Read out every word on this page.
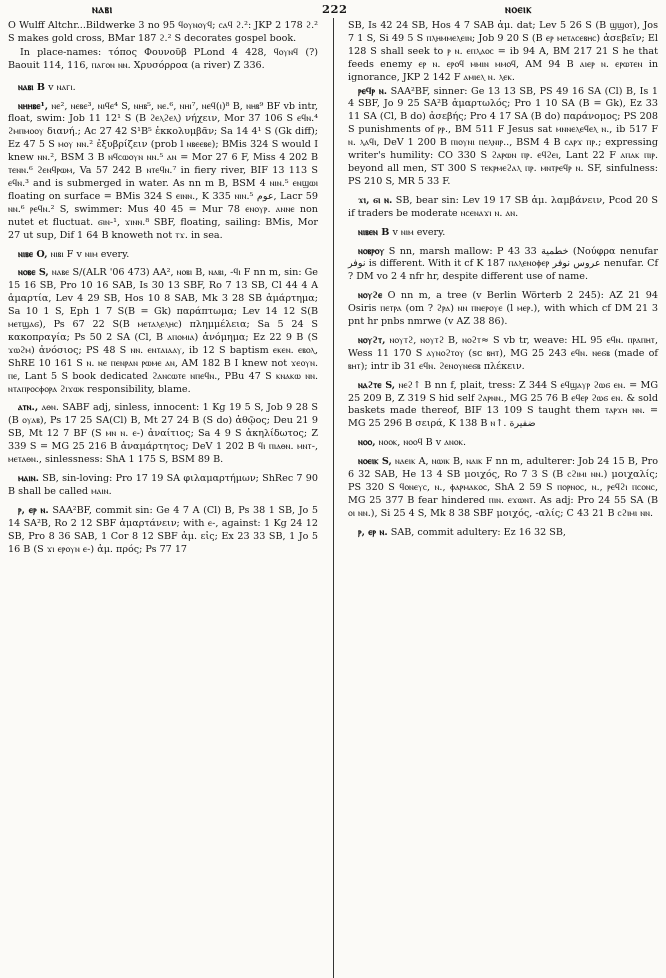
ⲛⲁⲃⲓ	222	ⲛⲟⲉⲓⲕ

O Wulff Altchr...Bildwerke 3 no 95 ϥⲟⲩⲛⲟⲩϥ; ⲥⲁϥ ϩ.²: JKP 2 178 ϩ.² S makes gold cross, BMar 187 ϩ.² S decorates gospel book.

In place-names: τόπος Φουνοῦβ PLond 4 428, ϥⲟⲩⲛϥ (?) Baouit 114, 116, ⲡⲁⲅⲟⲛ ⲛⲛ. Χρυσόρροα (a river) Z 336.

ⲛⲁⲃⲓ B v ⲛⲁⲅⲓ.

ⲛⲏⲏⲃⲉ¹, ⲛⲉ², ⲛⲉⲃⲉ³, ⲛⲓϥⲉ⁴ S, ⲛⲏⲃ⁵, ⲛⲉ.⁶, ⲛⲏⲓ⁷, ⲛⲉϥ(ⲓ)⁸ B, ⲛⲏⲃ⁹ BF vb intr, float, swim: Job 11 12¹ S (B ϩⲉⲗϩⲉⲗ) νήχειν, Mor 37 106 S ⲉϥⲛ.⁴ ϩⲙⲡⲙⲟⲟⲩ διανή.; Ac 27 42 S¹B⁵ ἐκκολυμβᾶν; Sa 14 4¹ S (Gk diff); Ez 47 5 S ⲙⲟⲩ ⲛⲛ.² ἐξυβρίζειν (prob l ⲛⲃⲉⲉⲃⲉ); BMis 324 S would I knew ⲛⲛ.², BSM 3 B ⲛϥⲥⲱⲟⲩⲛ ⲛⲛ.⁵ ⲁⲛ = Mor 27 6 F, Miss 4 202 B ⲧⲉⲛⲛ.⁶ ϩⲉⲛϥⲣⲱⲙ, Va 57 242 B ⲛⲧⲉϥⲛ.⁷ in fiery river, BIF 13 113 S ⲉϥⲛ.³ and is submerged in water. As nn m B, BSM 4 ⲛⲓⲛ.⁵ ⲉⲛϣⲱⲓ floating on surface = BMis 324 S ⲉⲓⲛⲛ., K 335 ⲛⲓⲛ.⁵ ﻋﻮﻡ, Lacr 59 ⲛⲛ.⁶ ⲣⲉϥⲛ.² S, swimmer: Mus 40 45 = Mur 78 ⲉⲛⲟⲩⲣ. ⲁⲛⲛⲉ non nutet et fluctuat. ϭⲓⲛ-¹, ϫⲓⲛⲛ.⁸ SBF, floating, sailing: BMis, Mor 27 ut sup, Dif 1 64 B knoweth not ⲧϫ. in sea.

ⲛⲓⲃⲉ O, ⲛⲓⲃⲓ F v ⲛⲓⲙ every.

ⲛⲟⲃⲉ S, ⲛⲁⲃⲉ S/(ALR '06 473) AA², ⲛⲟⲃⲓ B, ⲛⲁⲃⲓ, -ϥⲓ F nn m, sin: Ge 15 16 SB, Pro 10 16 SAB, Is 30 13 SBF, Ro 7 13 SB, Cl 44 4 A ἁμαρτία, Lev 4 29 SB, Hos 10 8 SAB, Mk 3 28 SB ἁμάρτημα; Sa 10 1 S, Eph 1 7 S(B = Gk) παράπτωμα; Lev 14 12 S(B ⲙⲉⲧϣⲁϭ), Ps 67 22 S(B ⲙⲉⲧⲁⲗⲉⲗⲏⲥ) πλημμέλεια; Sa 5 24 S κακοπραγία; Ps 50 2 SA (Cl, B ⲁⲡⲟⲙⲓⲁ) ἀνόμημα; Ez 22 9 B (S ϫⲱϩⲙ) ἀνόσιος; PS 48 S ⲛⲛ. ⲉⲛⲧⲁⲓⲁⲁⲩ, ib 12 S baptism ⲉⲕⲉⲛ. ⲉⲃⲟⲗ, ShRE 10 161 S ⲛ. ⲛⲉ ⲡⲉⲛⲣⲁⲛ ⲣⲱⲙⲉ ⲁⲛ, AM 182 B I knew not ϫⲉⲟⲩⲛ. ⲡⲉ, Lant 5 S book dedicated ϩⲁⲛⲥⲱⲧⲉ ⲛⲡⲉϥⲛ., PBu 47 S ⲕⲛⲁⲕⲱ ⲛⲛ. ⲛⲧⲁⲡⲣⲟⲥⲫⲟⲣⲁ ϩⲓϫⲱⲕ responsibility, blame.

ⲁⲧⲛ., ⲁⲑⲛ. SABF adj, sinless, innocent: 1 Kg 19 5 S, Job 9 28 S (B ⲟⲩⲁⲃ), Ps 17 25 SA(Cl) B, Mt 27 24 B (S do) ἀθῷος; Deu 21 9 SB, Mt 12 7 BF (S ⲙⲛ ⲛ. ⲉ-) ἀναίτιος; Sa 4 9 S ἀκηλίδωτος; Z 339 S = MG 25 216 B ἀναμάρτητος; DeV 1 202 B ϥⲓ ⲡⲓⲁⲑⲛ. ⲙⲛⲧ-, ⲙⲉⲧⲁⲑⲛ., sinlessness: ShA 1 175 S, BSM 89 B.

ⲙⲁⲓⲛ. SB, sin-loving: Pro 17 19 SA φιλαμαρτήμων; ShRec 7 90 B shall be called ⲙⲁⲓⲛ.

ⲣ, ⲉⲣ ⲛ. SAA²BF, commit sin: Ge 4 7 A (Cl) B, Ps 38 1 SB, Jo 5 14 SA²B, Ro 2 12 SBF ἁμαρτάνειν; with ⲉ-, against: 1 Kg 24 12 SB, Pro 8 36 SAB, 1 Cor 8 12 SBF ἁμ. εἰς; Ex 23 33 SB, 1 Jo 5 16 B (S ϫⲓ ⲉⲣⲟⲩⲛ ⲉ-) ἁμ. πρός; Ps 77 17

SB, Is 42 24 SB, Hos 4 7 SAB ἁμ. dat; Lev 5 26 S (B ϣϣⲟⲧ), Jos 7 1 S, Si 49 5 S ⲡⲗⲏⲙⲙⲉⲗⲉⲓⲛ; Job 9 20 S (B ⲉⲣ ⲙⲉⲧⲁⲥⲉⲃⲏⲥ) ἀσεβεῖν; El 128 S shall seek to ⲣ ⲛ. ⲉⲡⲗⲁⲟⲥ = ib 94 A, BM 217 21 S he that feeds enemy ⲉⲣ ⲛ. ⲉⲣⲟϥ ⲙⲙⲓⲛ ⲙⲙⲟϥ, AM 94 B ⲁⲓⲉⲣ ⲛ. ⲉⲣⲱⲧⲉⲛ in ignorance, JKP 2 142 F ⲁⲙⲓⲉⲗ ⲛ. ⲗⲉⲕ.

ⲣⲉϥⲣ ⲛ. SAA²BF, sinner: Ge 13 13 SB, PS 49 16 SA (Cl) B, Is 1 4 SBF, Jo 9 25 SA²B ἁμαρτωλός; Pro 1 10 SA (B = Gk), Ez 33 11 SA (Cl, B do) ἀσεβής; Pro 4 17 SA (B do) παράνομος; PS 208 S punishments of ⲣⲣ., BM 511 F Jesus sat ⲙⲛⲛⲉⲗⲉϥⲉⲗ ⲛ., ib 517 F ⲛ. ⲗⲁϥⲓ, DeV 1 200 B ⲡⲓⲟⲩⲛⲓ ⲡⲉⲗⲛⲓⲣ.., BSM 4 B ⲥⲁⲣϫ ⲡⲣ.; expressing writer's humility: CO 330 S ϩⲁⲣⲱⲛ ⲡⲣ. ⲉϥϩⲉⲓ, Lant 22 F ⲁⲡⲁⲕ ⲡⲓⲣ. beyond all men, ST 300 S ⲧⲉⲕⲣⲙⲉϩⲁⲗ ⲡⲣ. ⲙⲛⲧⲣⲉϥⲣ ⲛ. SF, sinfulness: PS 210 S, MR 5 33 F.

ϫⲓ, ϭⲓ ⲛ. SB, bear sin: Lev 19 17 SB ἁμ. λαμβάνειν, Pcod 20 S if traders be moderate ⲛⲥⲉⲛⲁϫⲓ ⲛ. ⲁⲛ.

ⲛⲓⲃⲉⲛ B v ⲛⲓⲙ every.

ⲛⲟⲃⲣⲟⲩ S nn, marsh mallow: P 43 33 ﺧﻄﻤﻴﺔ (Νούφρα nenufar ﻧﻮﻓﺮ is different. With it cf K 187 ⲡⲁⲗⲉⲛⲟⲫⲉⲣ ﻋﺮﻭﺱ ﻧﻮﻓﺮ nenufar. Cf ? DM vo 2 4 nfr hr, despite different use of name.

ⲛⲟⲩϩⲉ O nn m, a tree (v Berlin Wörterb 2 245): AZ 21 94 Osiris ⲡⲉⲧⲣⲁ (om ? ϩⲣⲁ) ⲛⲛ ⲡⲛⲉⲣⲟⲩⲉ (l ⲙⲉⲣ.), with which cf DM 21 3 pnt hr pnbs nmrwe (v AZ 38 86).

ⲛⲟⲩϩⲧ, ⲛⲟⲩⲧϩ, ⲛⲟⲩⲧϩ B, ⲛⲟϩⲧ≈ S vb tr, weave: HL 95 ⲉϥⲛ. ⲡⲣⲁⲡⲏⲧ, Wess 11 170 S ⲁⲩⲛⲟϩⲧⲟⲩ (sc ⲃⲏⲧ), MG 25 243 ⲉϥⲛ. ⲛⲉϭⲃ (made of ⲃⲏⲧ); intr ib 31 ⲉϥⲛ. ϩⲉⲛⲟⲩⲛⲉϭⲃ πλέκειν.

ⲛⲁϩⲧⲉ S, ⲛⲉϩ↑ B nn f, plait, tress: Z 344 S ⲉϥϣⲁⲩⲣ ϩⲱϭ ⲉⲛ. = MG 25 209 B, Z 319 S hid self ϩⲁⲣⲛⲛ., MG 25 76 B ⲉϥⲉⲣ ϩⲱϭ ⲉⲛ. & sold baskets made thereof, BIF 13 109 S taught them ⲧⲁⲣϫⲏ ⲛⲛ. = MG 25 296 B σειρά, K 138 B ⲛ↑. ﺿﻔﻴﺮﺓ

ⲛⲟⲟ, ⲛⲟⲟⲕ, ⲛⲟⲟϥ B v ⲁⲛⲟⲕ.

ⲛⲟⲉⲓⲕ S, ⲛⲁⲉⲓⲕ A, ⲛⲱⲓⲕ B, ⲛⲁⲓⲕ F nn m, adulterer: Job 24 15 B, Pro 6 32 SAB, He 13 4 SB μοιχός, Ro 7 3 S (B ⲥϩⲓⲙⲓ ⲛⲛ.) μοιχαλίς; PS 320 S ϥⲟⲛⲉⲩⲥ, ⲛ., ⲫⲁⲣⲙⲁⲕⲟⲥ, ShA 2 59 S ⲡⲟⲣⲛⲟⲥ, ⲛ., ⲣⲉϥϩⲓ ⲡⲥⲟⲛⲥ, MG 25 377 B fear hindered ⲡⲓⲛ. ⲉϫⲱⲛⲧ. As adj: Pro 24 55 SA (B ⲟⲓ ⲛⲛ.), Si 25 4 S, Mk 8 38 SBF μοιχός, -αλίς; C 43 21 B ⲥϩⲓⲙⲓ ⲛⲛ.

ⲣ, ⲉⲣ ⲛ. SAB, commit adultery: Ez 16 32 SB,
